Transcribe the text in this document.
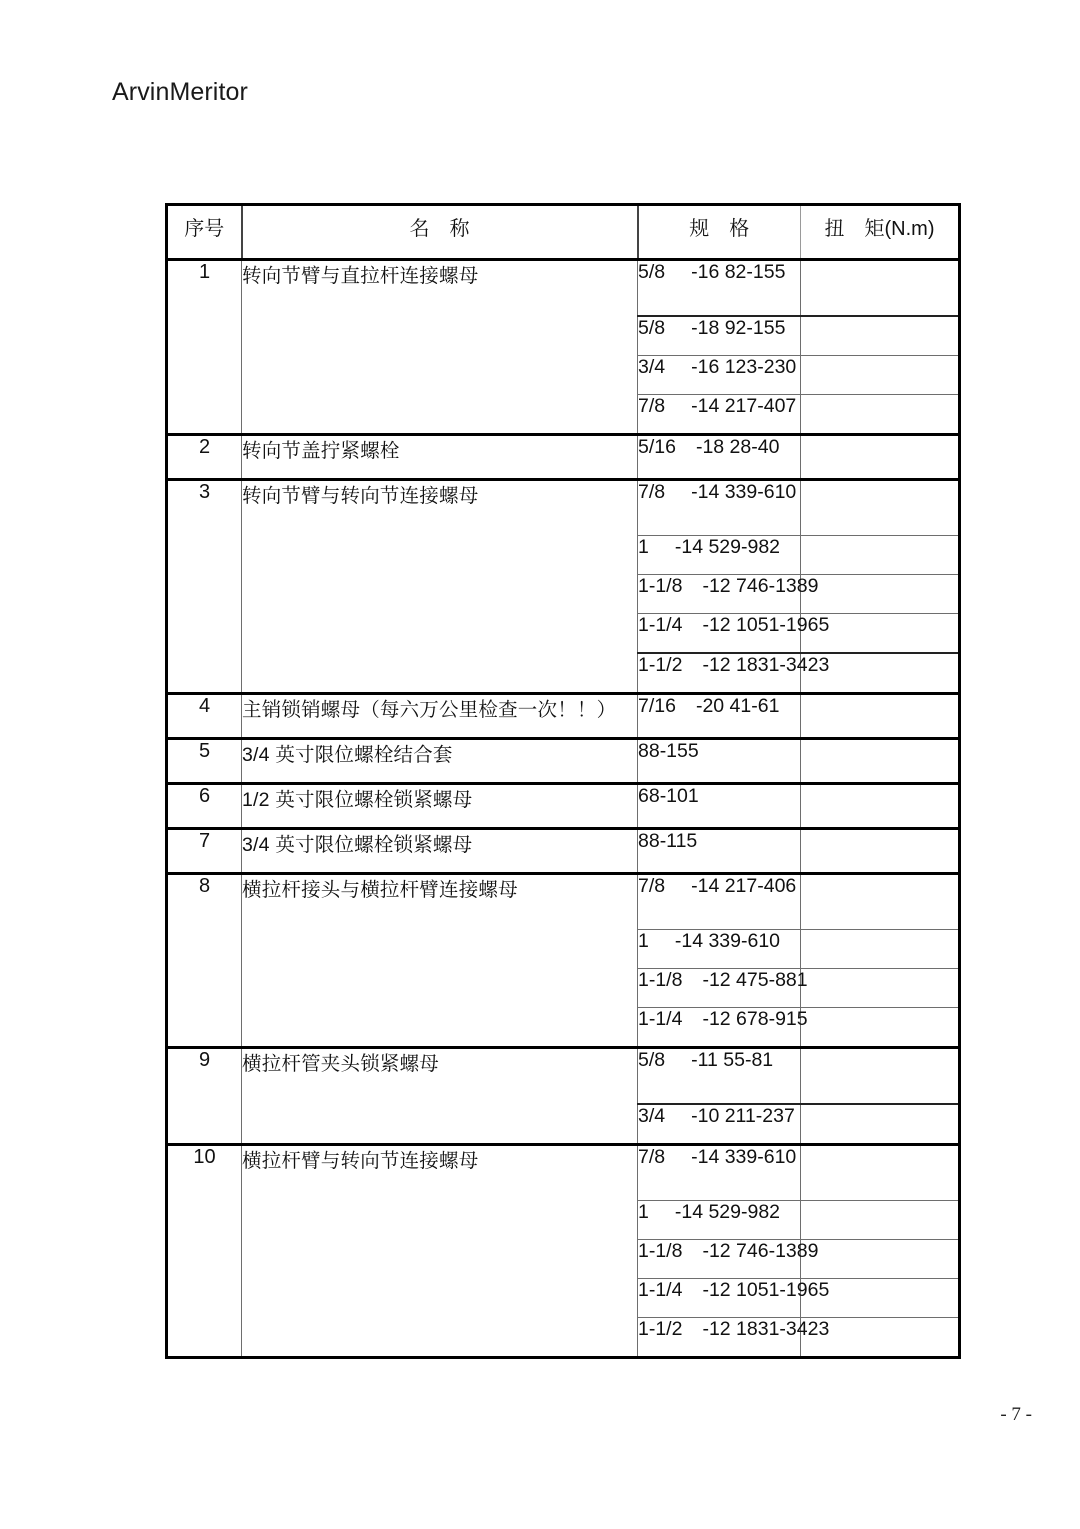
ArvinMeritor
序号	名　称	规　格	扭　矩(N.m)
1	转向节臂与直拉杆连接螺母	5/8 -16 82-155	
		5/8 -18 92-155	
		3/4 -16 123-230	
		7/8 -14 217-407	
2	转向节盖拧紧螺栓	5/16 -18 28-40	
3	转向节臂与转向节连接螺母	7/8 -14 339-610	
		1 -14 529-982	
		1-1/8 -12 746-1389	
		1-1/4 -12 1051-1965	
		1-1/2 -12 1831-3423	
4	主销锁销螺母（每六万公里检查一次！！）	7/16 -20 41-61	
5	3/4 英寸限位螺栓结合套	88-155	
6	1/2 英寸限位螺栓锁紧螺母	68-101	
7	3/4 英寸限位螺栓锁紧螺母	88-115	
8	横拉杆接头与横拉杆臂连接螺母	7/8 -14 217-406	
		1 -14 339-610	
		1-1/8 -12 475-881	
		1-1/4 -12 678-915	
9	横拉杆管夹头锁紧螺母	5/8 -11 55-81	
		3/4 -10 211-237	
10	横拉杆臂与转向节连接螺母	7/8 -14 339-610	
		1 -14 529-982	
		1-1/8 -12 746-1389	
		1-1/4 -12 1051-1965	
		1-1/2 -12 1831-3423	
- 7 -
